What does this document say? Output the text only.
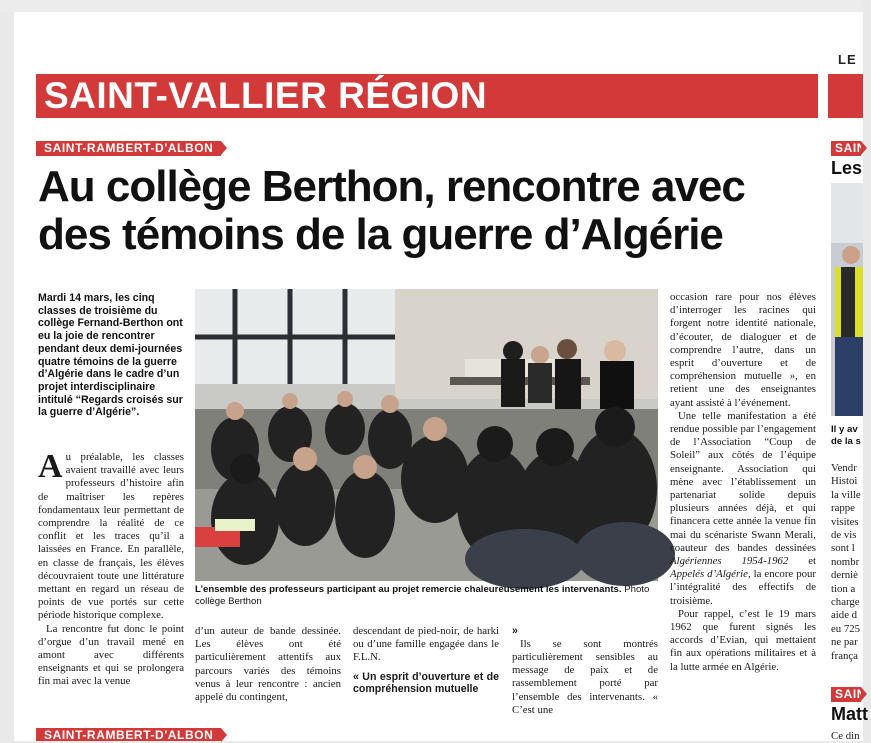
LE
SAINT-VALLIER RÉGION
SAINT-RAMBERT-D'ALBON
Au collège Berthon, rencontre avec
des témoins de la guerre d’Algérie
Mardi 14 mars, les cinq classes de troisième du collège Fernand-Berthon ont eu la joie de rencontrer pendant deux demi-journées quatre témoins de la guerre d’Algérie dans le cadre d’un projet interdisciplinaire intitulé “Regards croisés sur la guerre d’Algérie”.

Au préalable, les classes avaient travaillé avec leurs professeurs d’histoire afin de maîtriser les repères fondamentaux leur permettant de comprendre la réalité de ce conflit et les traces qu’il a laissées en France. En parallèle, en classe de français, les élèves découvraient toute une littérature mettant en regard un réseau de points de vue portés sur cette période historique complexe.

La rencontre fut donc le point d’orgue d’un travail mené en amont avec différents enseignants et qui se prolongera fin mai avec la venue

L’ensemble des professeurs participant au projet remercie chaleureusement les intervenants. Photo collège Berthon

d’un auteur de bande dessinée. Les élèves ont été particulièrement attentifs aux parcours variés des témoins venus à leur rencontre : ancien appelé du contingent,

descendant de pied-noir, de harki ou d’une famille engagée dans le F.L.N.

« Un esprit d’ouverture et de compréhension mutuelle
»

Ils se sont montrés particulièrement sensibles au message de paix et de rassemblement porté par l’ensemble des intervenants. « C’est une

occasion rare pour nos élèves d’interroger les racines qui forgent notre identité nationale, d’écouter, de dialoguer et de comprendre l’autre, dans un esprit d’ouverture et de compréhension mutuelle », en retient une des enseignantes ayant assisté à l’événement.

Une telle manifestation a été rendue possible par l’engagement de l’Association “Coup de Soleil” aux côtés de l’équipe enseignante. Association qui mène avec l’établissement un partenariat solide depuis plusieurs années déjà, et qui financera cette année la venue fin mai du scénariste Swann Merali, coauteur des bandes dessinées Algériennes 1954-1962 et Appelés d’Algérie, la encore pour l’intégralité des effectifs de troisième.

Pour rappel, c’est le 19 mars 1962 que furent signés les accords d’Evian, qui mettaient fin aux opérations militaires et à la lutte armée en Algérie.

SAIN
Les
Il y av
de la s
Vendr
Histoi
la ville
rappe
visites
de vis
sont l
nombr
derniè
tion a
charge
aide d
eu 725
ne par
frança
SAIN
Matt
Ce din
SAINT-RAMBERT-D'ALBON
